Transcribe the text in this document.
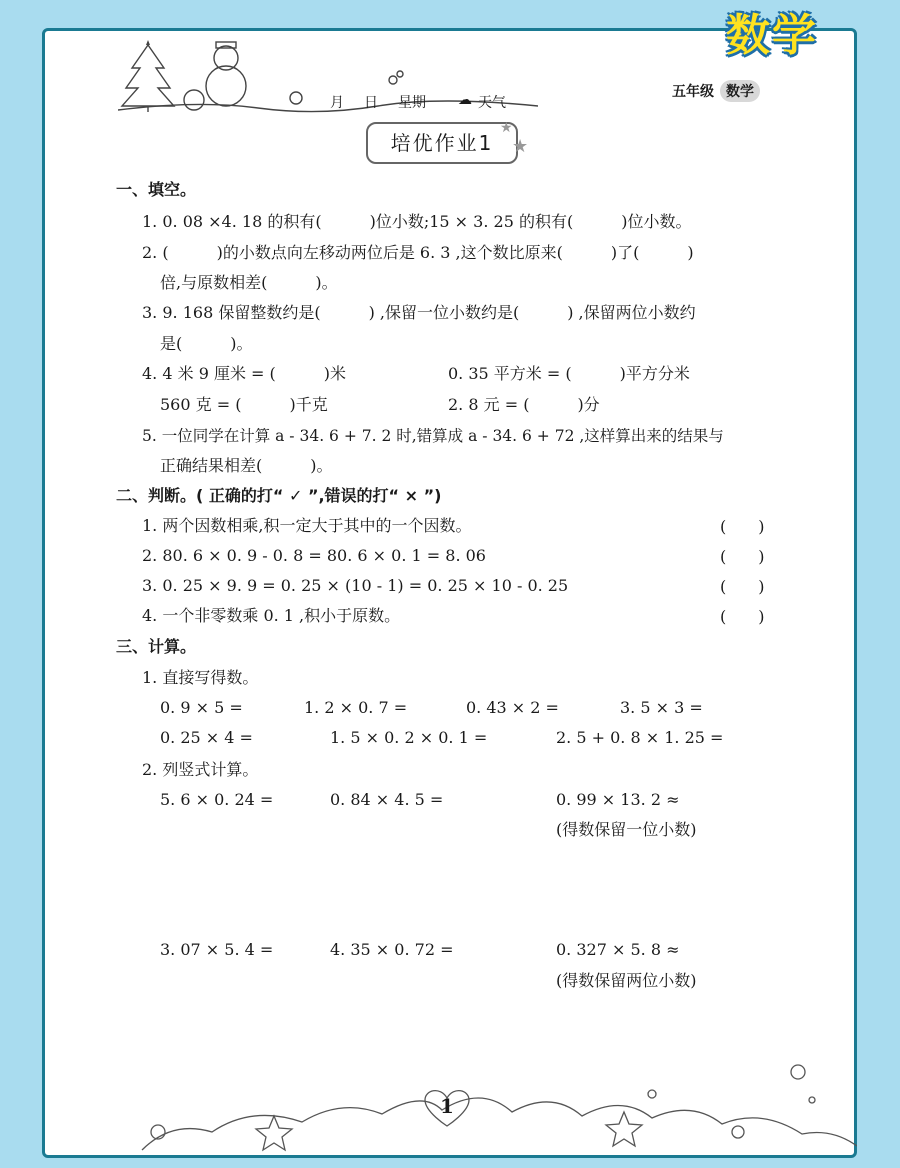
数学
月 日 星期 ☁ 天气
五年级 数学
培优作业1
★
★
一、填空。
1. 0. 08 ×4. 18 的积有(　　　)位小数;15 × 3. 25 的积有(　　　)位小数。
2. (　　　)的小数点向左移动两位后是 6. 3 ,这个数比原来(　　　)了(　　　)
倍,与原数相差(　　　)。
3. 9. 168 保留整数约是(　　　) ,保留一位小数约是(　　　) ,保留两位小数约
是(　　　)。
4. 4 米 9 厘米 = (　　　)米	0. 35 平方米 = (　　　)平方分米
560 克 = (　　　)千克	2. 8 元 = (　　　)分
5. 一位同学在计算 a - 34. 6 + 7. 2 时,错算成 a - 34. 6 + 72 ,这样算出来的结果与
正确结果相差(　　　)。
二、判断。( 正确的打“ ✓ ”,错误的打“ × ”)
1. 两个因数相乘,积一定大于其中的一个因数。	(　　)
2. 80. 6 × 0. 9 - 0. 8 = 80. 6 × 0. 1 = 8. 06	(　　)
3. 0. 25 × 9. 9 = 0. 25 × (10 - 1) = 0. 25 × 10 - 0. 25	(　　)
4. 一个非零数乘 0. 1 ,积小于原数。	(　　)
三、计算。
1. 直接写得数。
0. 9 × 5 =	1. 2 × 0. 7 =	0. 43 × 2 =	3. 5 × 3 =
0. 25 × 4 =	1. 5 × 0. 2 × 0. 1 =	2. 5 + 0. 8 × 1. 25 =
2. 列竖式计算。
5. 6 × 0. 24 =	0. 84 × 4. 5 =	0. 99 × 13. 2 ≈
(得数保留一位小数)
3. 07 × 5. 4 =	4. 35 × 0. 72 =	0. 327 × 5. 8 ≈
(得数保留两位小数)
1
